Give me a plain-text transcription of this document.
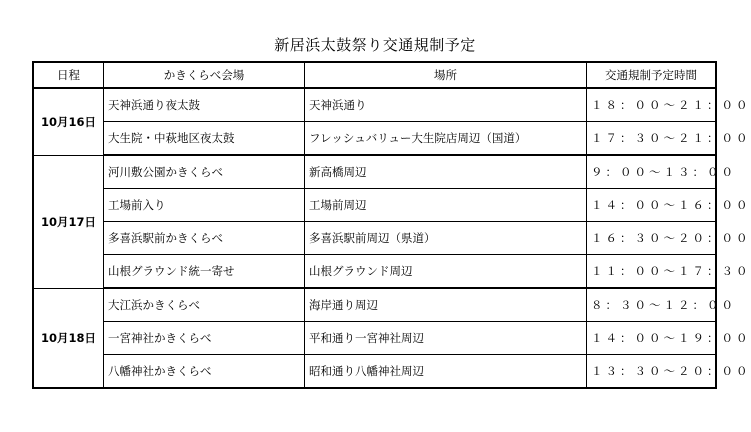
新居浜太鼓祭り交通規制予定
日程	かきくらべ会場	場所	交通規制予定時間
10月16日	天神浜通り夜太鼓	天神浜通り	１８：００～２１：００
	大生院・中萩地区夜太鼓	フレッシュバリュー大生院店周辺（国道）	１７：３０～２１：００
10月17日	河川敷公園かきくらべ	新高橋周辺	９：００～１３：００
	工場前入り	工場前周辺	１４：００～１６：００
	多喜浜駅前かきくらべ	多喜浜駅前周辺（県道）	１６：３０～２０：００
	山根グラウンド統一寄せ	山根グラウンド周辺	１１：００～１７：３０
10月18日	大江浜かきくらべ	海岸通り周辺	８：３０～１２：００
	一宮神社かきくらべ	平和通り一宮神社周辺	１４：００～１９：００
	八幡神社かきくらべ	昭和通り八幡神社周辺	１３：３０～２０：００
